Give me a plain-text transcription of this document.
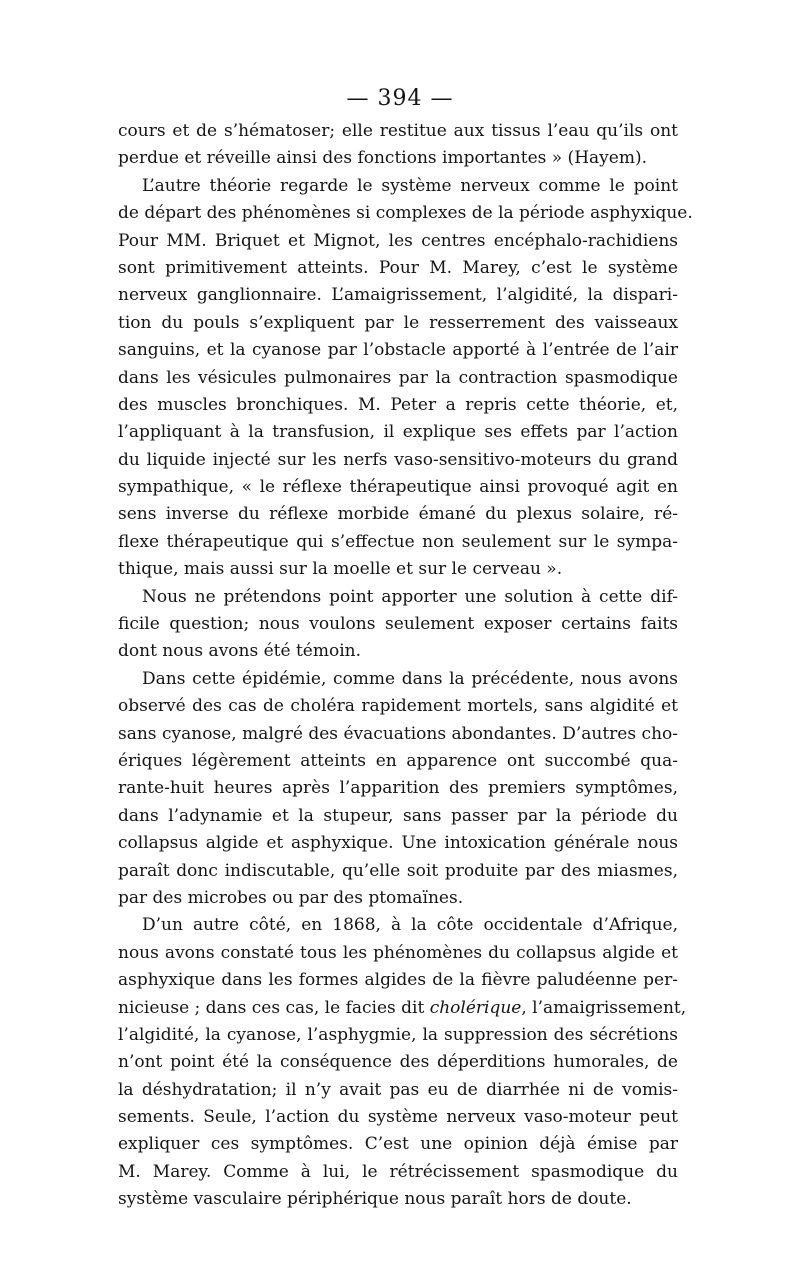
— 394 —
cours et de s’hématoser; elle restitue aux tissus l’eau qu’ils ont
perdue et réveille ainsi des fonctions importantes » (Hayem).
L’autre théorie regarde le système nerveux comme le point
de départ des phénomènes si complexes de la période asphyxique.
Pour MM. Briquet et Mignot, les centres encéphalo-rachidiens
sont primitivement atteints. Pour M. Marey, c’est le système
nerveux ganglionnaire. L’amaigrissement, l’algidité, la dispari-
tion du pouls s’expliquent par le resserrement des vaisseaux
sanguins, et la cyanose par l’obstacle apporté à l’entrée de l’air
dans les vésicules pulmonaires par la contraction spasmodique
des muscles bronchiques. M. Peter a repris cette théorie, et,
l’appliquant à la transfusion, il explique ses effets par l’action
du liquide injecté sur les nerfs vaso-sensitivo-moteurs du grand
sympathique, « le réflexe thérapeutique ainsi provoqué agit en
sens inverse du réflexe morbide émané du plexus solaire, ré-
flexe thérapeutique qui s’effectue non seulement sur le sympa-
thique, mais aussi sur la moelle et sur le cerveau ».
Nous ne prétendons point apporter une solution à cette dif-
ficile question; nous voulons seulement exposer certains faits
dont nous avons été témoin.
Dans cette épidémie, comme dans la précédente, nous avons
observé des cas de choléra rapidement mortels, sans algidité et
sans cyanose, malgré des évacuations abondantes. D’autres cho-
ériques légèrement atteints en apparence ont succombé qua-
rante-huit heures après l’apparition des premiers symptômes,
dans l’adynamie et la stupeur, sans passer par la période du
collapsus algide et asphyxique. Une intoxication générale nous
paraît donc indiscutable, qu’elle soit produite par des miasmes,
par des microbes ou par des ptomaïnes.
D’un autre côté, en 1868, à la côte occidentale d’Afrique,
nous avons constaté tous les phénomènes du collapsus algide et
asphyxique dans les formes algides de la fièvre paludéenne per-
nicieuse ; dans ces cas, le facies dit cholérique, l’amaigrissement,
l’algidité, la cyanose, l’asphygmie, la suppression des sécrétions
n’ont point été la conséquence des déperditions humorales, de
la déshydratation; il n’y avait pas eu de diarrhée ni de vomis-
sements. Seule, l’action du système nerveux vaso-moteur peut
expliquer ces symptômes. C’est une opinion déjà émise par
M. Marey. Comme à lui, le rétrécissement spasmodique du
système vasculaire périphérique nous paraît hors de doute.
